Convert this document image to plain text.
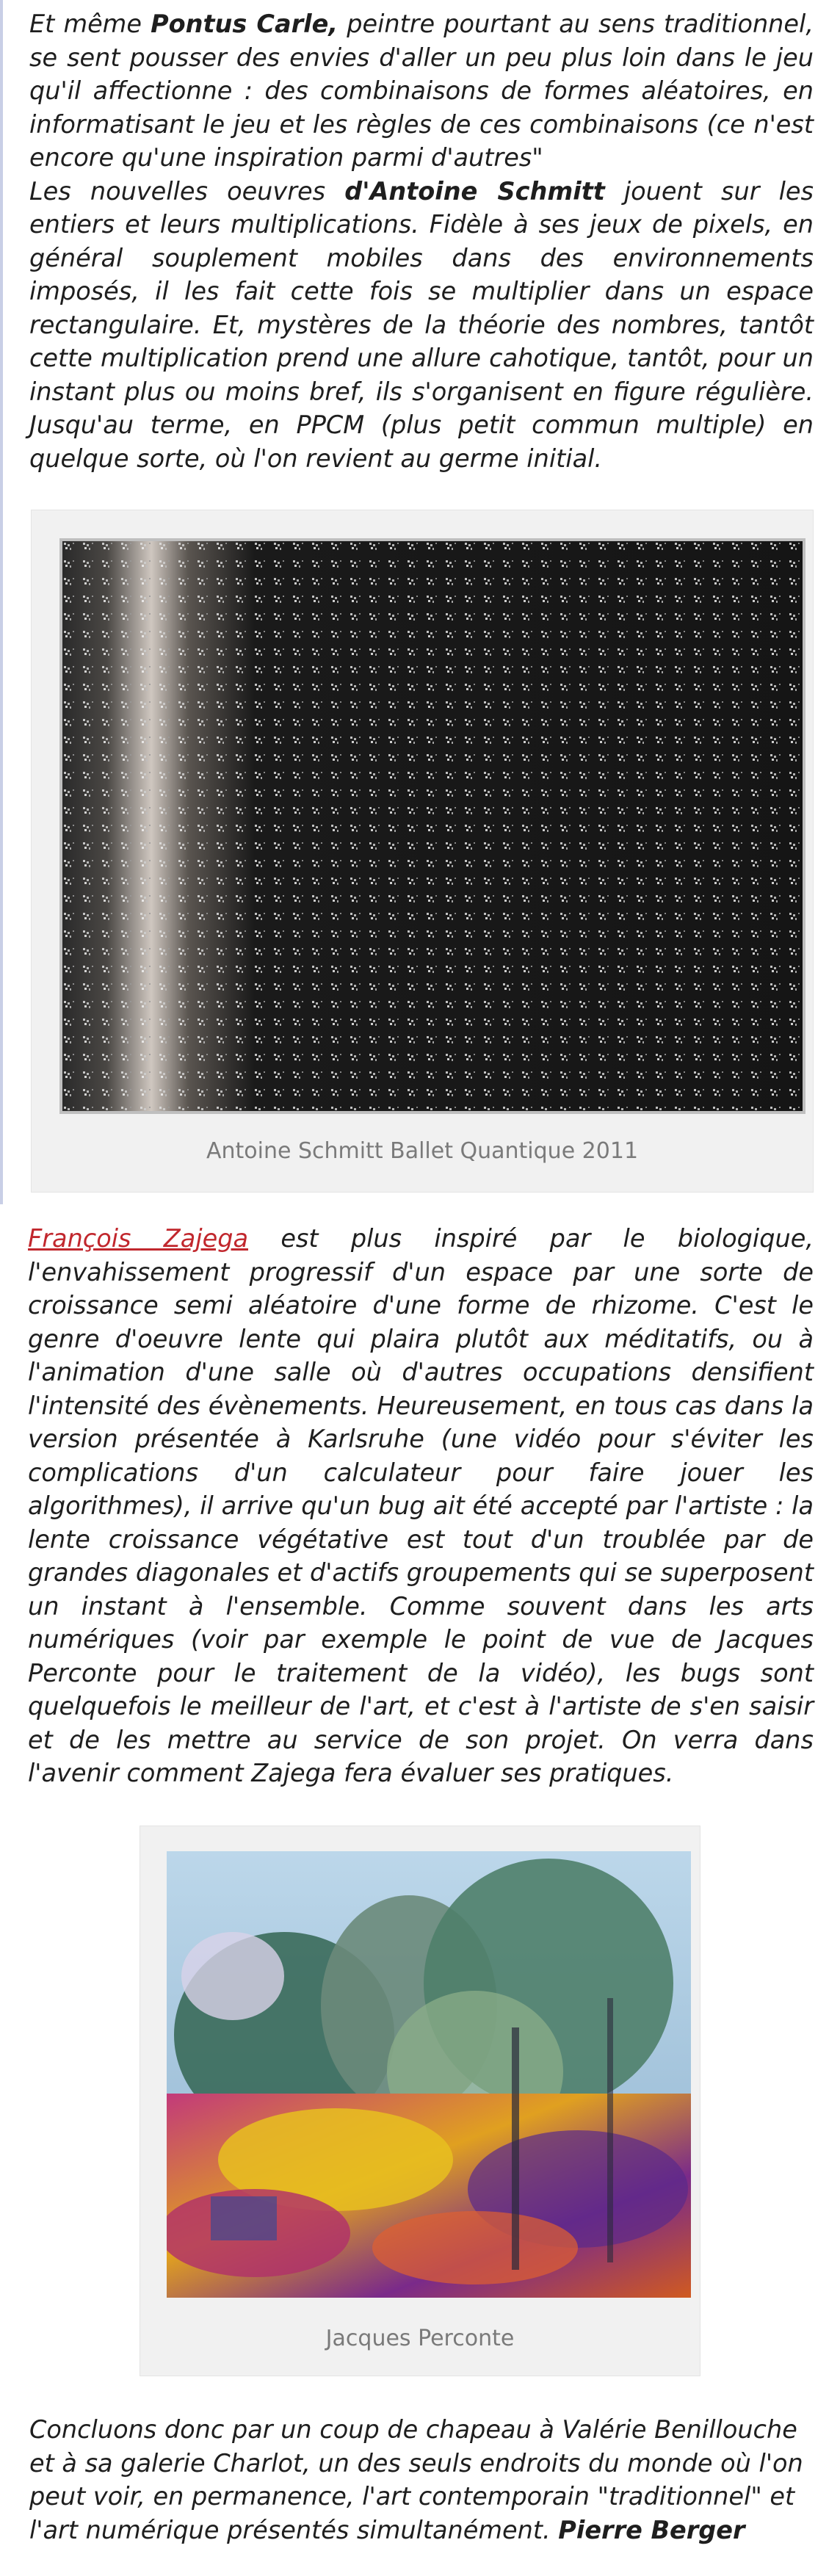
Et même Pontus Carle, peintre pourtant au sens traditionnel, se sent pousser des envies d'aller un peu plus loin dans le jeu qu'il affectionne : des combinaisons de formes aléatoires, en informatisant le jeu et les règles de ces combinaisons (ce n'est encore qu'une inspiration parmi d'autres"

Les nouvelles oeuvres d'Antoine Schmitt jouent sur les entiers et leurs multiplications. Fidèle à ses jeux de pixels, en général souplement mobiles dans des environnements imposés, il les fait cette fois se multiplier dans un espace rectangulaire. Et, mystères de la théorie des nombres, tantôt cette multiplication prend une allure cahotique, tantôt, pour un instant plus ou moins bref, ils s'organisent en figure régulière. Jusqu'au terme, en PPCM (plus petit commun multiple) en quelque sorte, où l'on revient au germe initial.

Antoine Schmitt Ballet Quantique 2011

François Zajega est plus inspiré par le biologique, l'envahissement progressif d'un espace par une sorte de croissance semi aléatoire d'une forme de rhizome. C'est le genre d'oeuvre lente qui plaira plutôt aux méditatifs, ou à l'animation d'une salle où d'autres occupations densifient l'intensité des évènements. Heureusement, en tous cas dans la version présentée à Karlsruhe (une vidéo pour s'éviter les complications d'un calculateur pour faire jouer les algorithmes), il arrive qu'un bug ait été accepté par l'artiste : la lente croissance végétative est tout d'un troublée par de grandes diagonales et d'actifs groupements qui se superposent un instant à l'ensemble. Comme souvent dans les arts numériques (voir par exemple le point de vue de Jacques Perconte pour le traitement de la vidéo), les bugs sont quelquefois le meilleur de l'art, et c'est à l'artiste de s'en saisir et de les mettre au service de son projet. On verra dans l'avenir comment Zajega fera évaluer ses pratiques.

Jacques Perconte

Concluons donc par un coup de chapeau à Valérie Benillouche et à sa galerie Charlot, un des seuls endroits du monde où l'on peut voir, en permanence, l'art contemporain "traditionnel" et l'art numérique présentés simultanément. Pierre Berger
